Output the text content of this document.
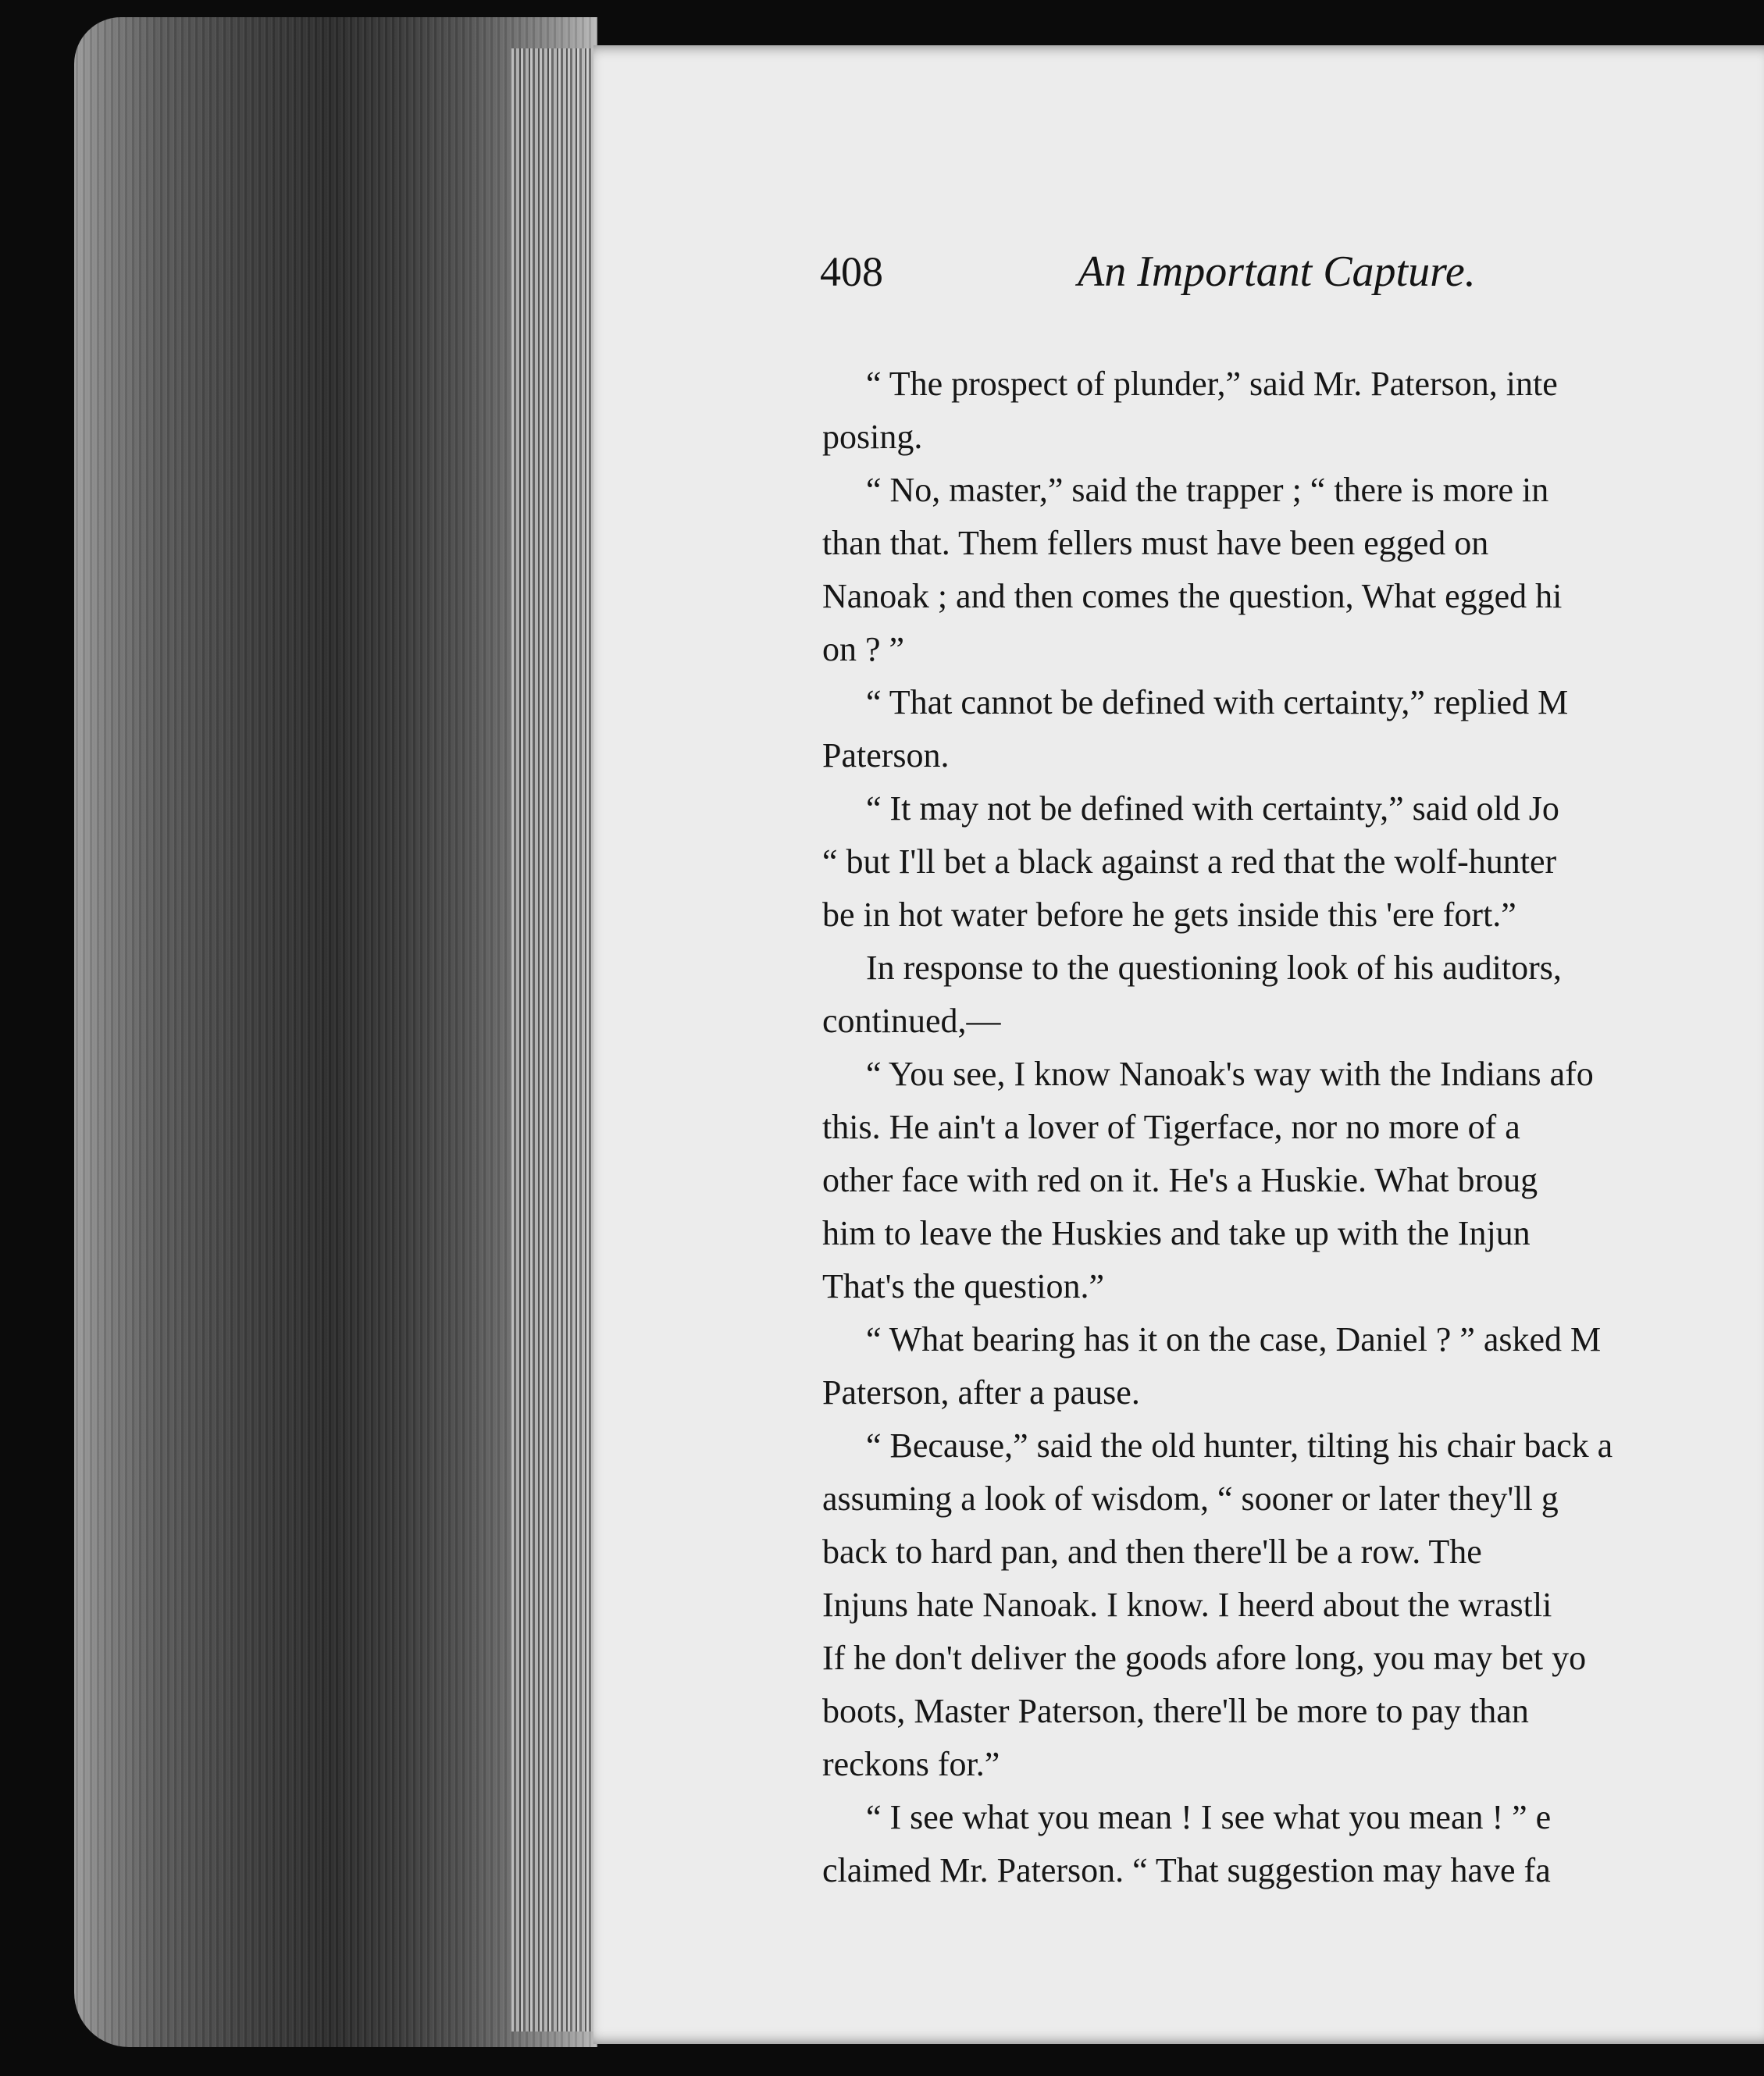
408	An Important Capture.
“ The prospect of plunder,” said Mr. Paterson, inte
posing.
“ No, master,” said the trapper ; “ there is more in
than that. Them fellers must have been egged on
Nanoak ; and then comes the question, What egged hi
on ? ”
“ That cannot be defined with certainty,” replied M
Paterson.
“ It may not be defined with certainty,” said old Jo
“ but I'll bet a black against a red that the wolf-hunter
be in hot water before he gets inside this 'ere fort.”
In response to the questioning look of his auditors,
continued,—
“ You see, I know Nanoak's way with the Indians afo
this. He ain't a lover of Tigerface, nor no more of a
other face with red on it. He's a Huskie. What broug
him to leave the Huskies and take up with the Injun
That's the question.”
“ What bearing has it on the case, Daniel ? ” asked M
Paterson, after a pause.
“ Because,” said the old hunter, tilting his chair back a
assuming a look of wisdom, “ sooner or later they'll g
back to hard pan, and then there'll be a row. The
Injuns hate Nanoak. I know. I heerd about the wrastli
If he don't deliver the goods afore long, you may bet yo
boots, Master Paterson, there'll be more to pay than
reckons for.”
“ I see what you mean ! I see what you mean ! ” e
claimed Mr. Paterson. “ That suggestion may have fa
